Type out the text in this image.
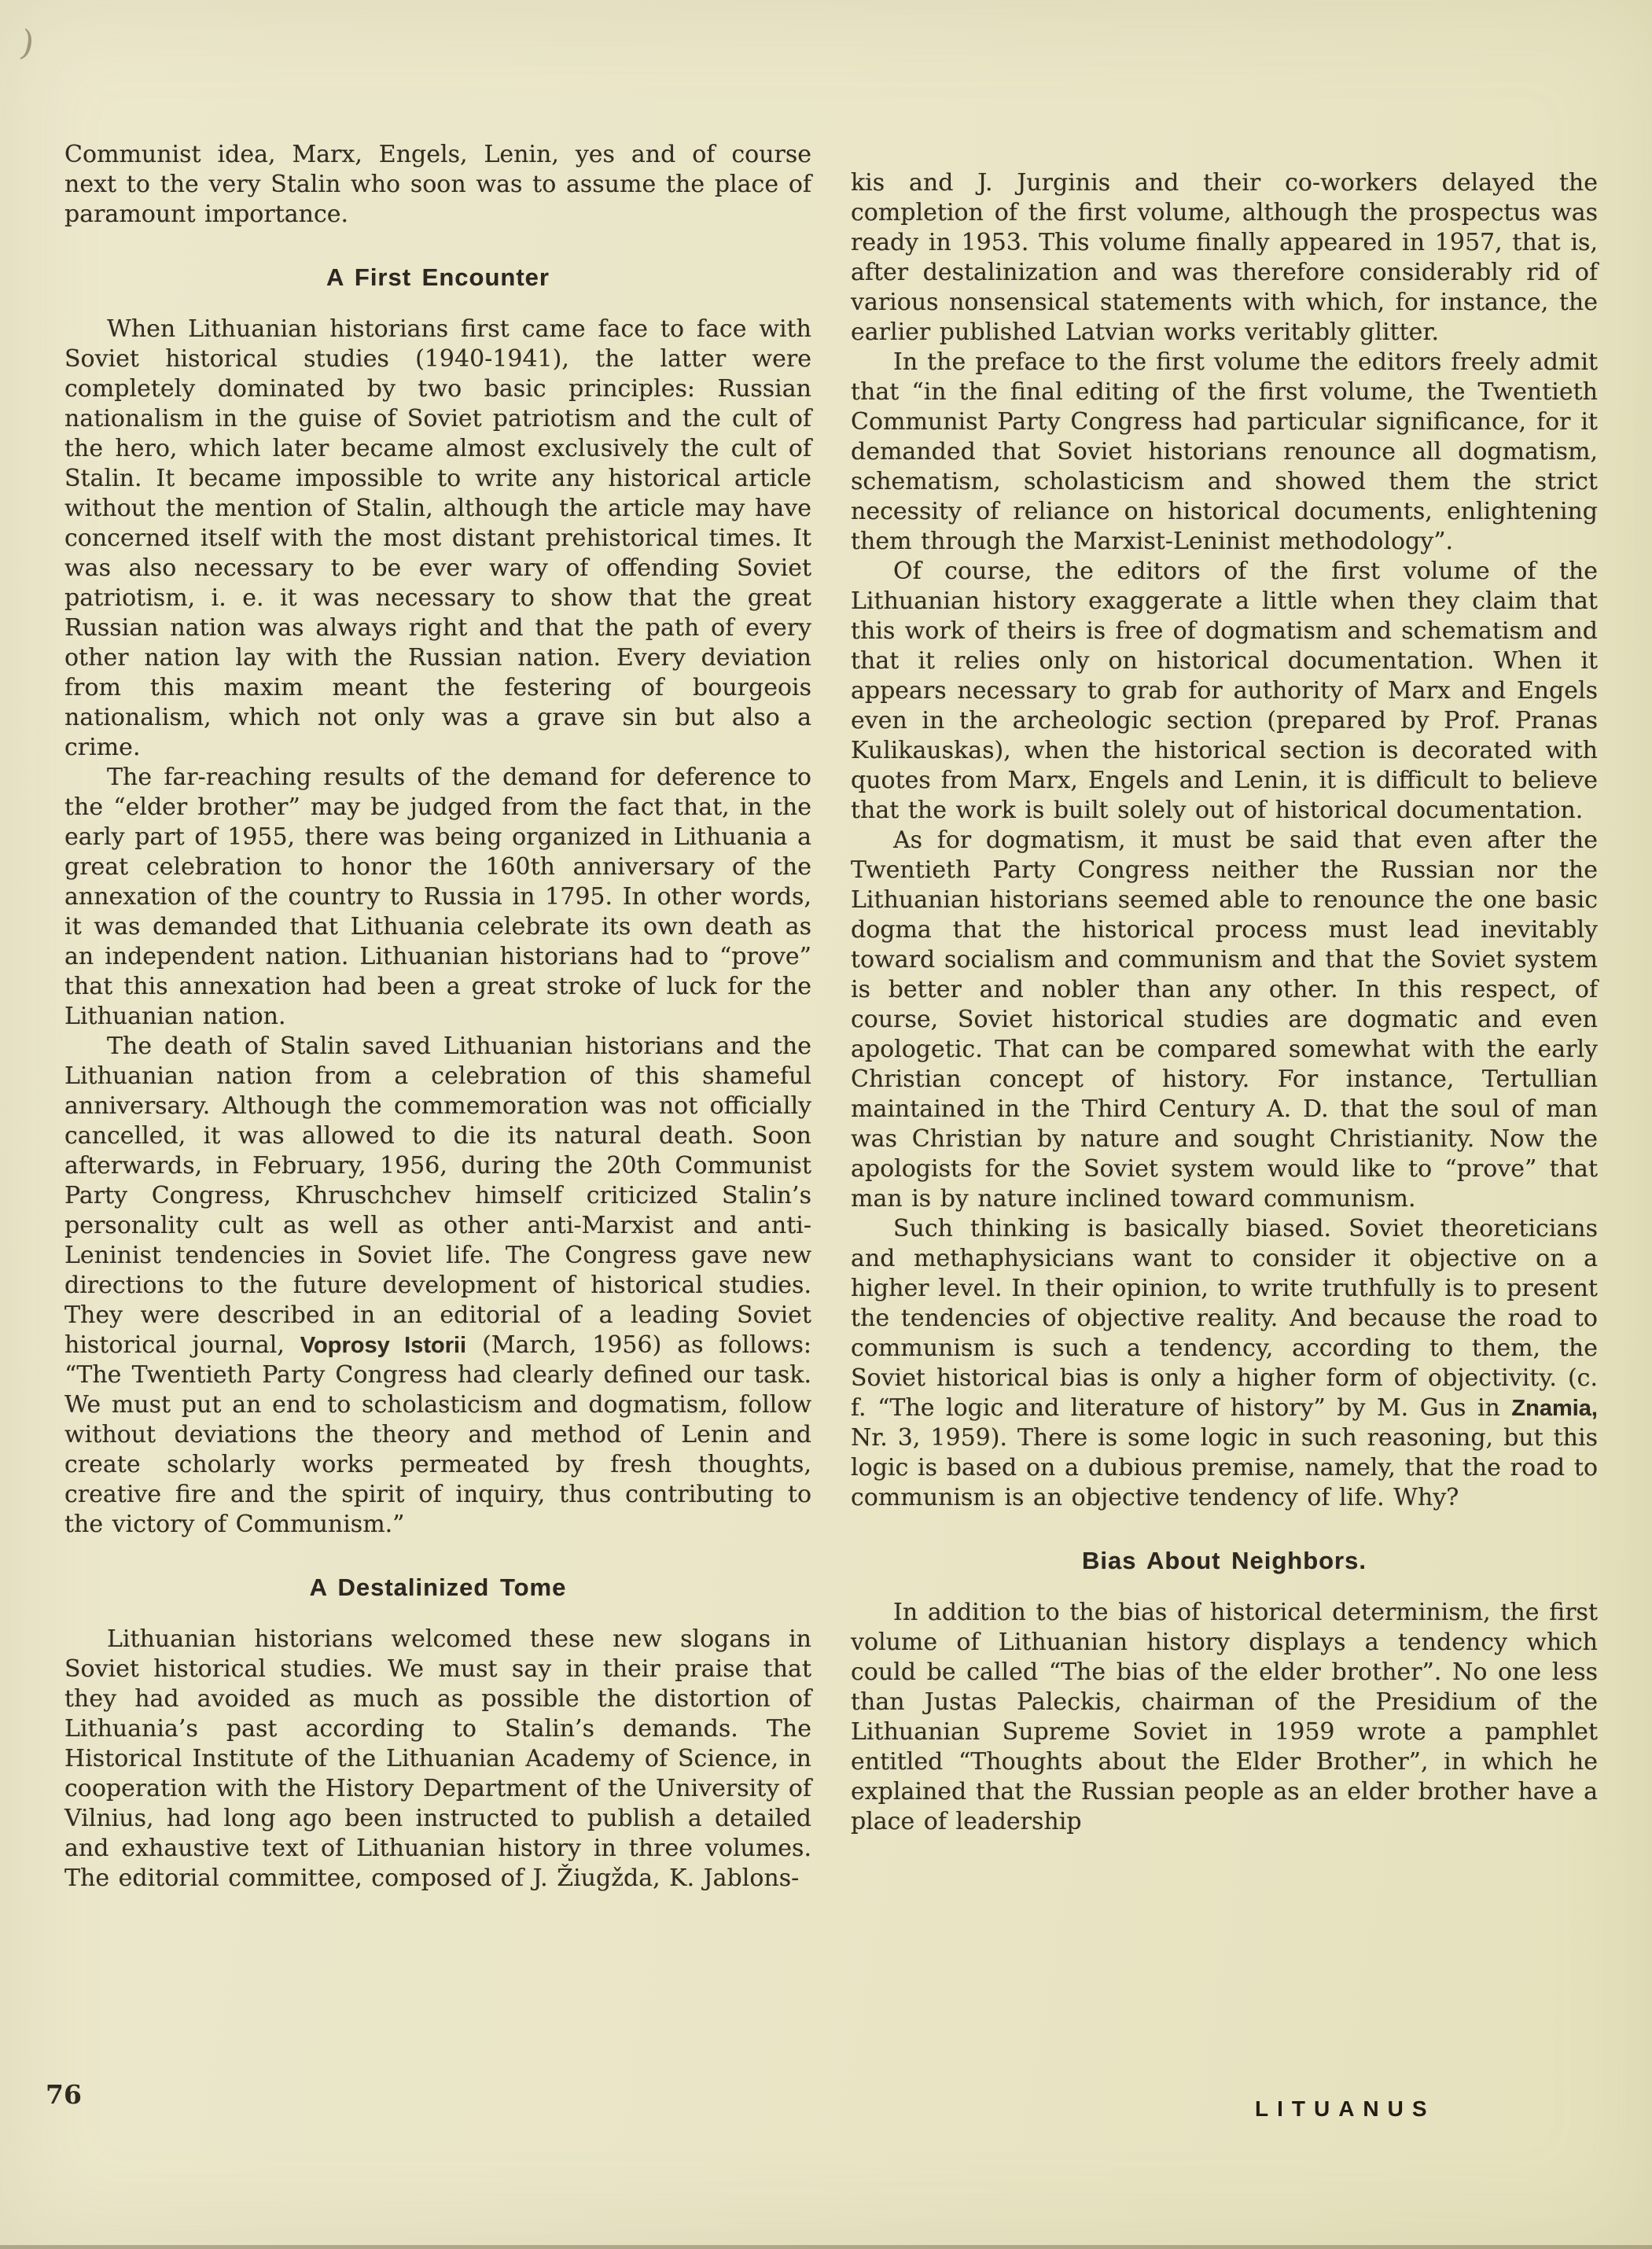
)

Communist idea, Marx, Engels, Lenin, yes and of course next to the very Stalin who soon was to assume the place of paramount importance.

A First Encounter

When Lithuanian historians first came face to face with Soviet historical studies (1940-1941), the latter were completely dominated by two basic principles: Russian nationalism in the guise of Soviet patriotism and the cult of the hero, which later became almost exclusively the cult of Stalin. It became impossible to write any historical article without the mention of Stalin, although the article may have concerned itself with the most distant prehistorical times. It was also necessary to be ever wary of offending Soviet patriotism, i. e. it was necessary to show that the great Russian nation was always right and that the path of every other nation lay with the Russian nation. Every deviation from this maxim meant the festering of bourgeois nationalism, which not only was a grave sin but also a crime.

The far-reaching results of the demand for deference to the “elder brother” may be judged from the fact that, in the early part of 1955, there was being organized in Lithuania a great celebration to honor the 160th anniversary of the annexation of the country to Russia in 1795. In other words, it was demanded that Lithuania celebrate its own death as an independent nation. Lithuanian historians had to “prove” that this annexation had been a great stroke of luck for the Lithuanian nation.

The death of Stalin saved Lithuanian historians and the Lithuanian nation from a celebration of this shameful anniversary. Although the commemoration was not officially cancelled, it was allowed to die its natural death. Soon afterwards, in February, 1956, during the 20th Communist Party Congress, Khruschchev himself criticized Stalin’s personality cult as well as other anti-Marxist and anti-Leninist tendencies in Soviet life. The Congress gave new directions to the future development of historical studies. They were described in an editorial of a leading Soviet historical journal, Voprosy Istorii (March, 1956) as follows: “The Twentieth Party Congress had clearly defined our task. We must put an end to scholasticism and dogmatism, follow without deviations the theory and method of Lenin and create scholarly works permeated by fresh thoughts, creative fire and the spirit of inquiry, thus contributing to the victory of Communism.”

A Destalinized Tome

Lithuanian historians welcomed these new slogans in Soviet historical studies. We must say in their praise that they had avoided as much as possible the distortion of Lithuania’s past according to Stalin’s demands. The Historical Institute of the Lithuanian Academy of Science, in cooperation with the History Department of the University of Vilnius, had long ago been instructed to publish a detailed and exhaustive text of Lithuanian history in three volumes. The editorial committee, composed of J. Žiugžda, K. Jablons-

kis and J. Jurginis and their co-workers delayed the completion of the first volume, although the prospectus was ready in 1953. This volume finally appeared in 1957, that is, after destalinization and was therefore considerably rid of various nonsensical statements with which, for instance, the earlier published Latvian works veritably glitter.

In the preface to the first volume the editors freely admit that “in the final editing of the first volume, the Twentieth Communist Party Congress had particular significance, for it demanded that Soviet historians renounce all dogmatism, schematism, scholasticism and showed them the strict necessity of reliance on historical documents, enlightening them through the Marxist-Leninist methodology”.

Of course, the editors of the first volume of the Lithuanian history exaggerate a little when they claim that this work of theirs is free of dogmatism and schematism and that it relies only on historical documentation. When it appears necessary to grab for authority of Marx and Engels even in the archeologic section (prepared by Prof. Pranas Kulikauskas), when the historical section is decorated with quotes from Marx, Engels and Lenin, it is difficult to believe that the work is built solely out of historical documentation.

As for dogmatism, it must be said that even after the Twentieth Party Congress neither the Russian nor the Lithuanian historians seemed able to renounce the one basic dogma that the historical process must lead inevitably toward socialism and communism and that the Soviet system is better and nobler than any other. In this respect, of course, Soviet historical studies are dogmatic and even apologetic. That can be compared somewhat with the early Christian concept of history. For instance, Tertullian maintained in the Third Century A. D. that the soul of man was Christian by nature and sought Christianity. Now the apologists for the Soviet system would like to “prove” that man is by nature inclined toward communism.

Such thinking is basically biased. Soviet theoreticians and methaphysicians want to consider it objective on a higher level. In their opinion, to write truthfully is to present the tendencies of objective reality. And because the road to communism is such a tendency, according to them, the Soviet historical bias is only a higher form of objectivity. (c. f. “The logic and literature of history” by M. Gus in Znamia, Nr. 3, 1959). There is some logic in such reasoning, but this logic is based on a dubious premise, namely, that the road to communism is an objective tendency of life. Why?

Bias About Neighbors.

In addition to the bias of historical determinism, the first volume of Lithuanian history displays a tendency which could be called “The bias of the elder brother”. No one less than Justas Paleckis, chairman of the Presidium of the Lithuanian Supreme Soviet in 1959 wrote a pamphlet entitled “Thoughts about the Elder Brother”, in which he explained that the Russian people as an elder brother have a place of leadership

76	LITUANUS
